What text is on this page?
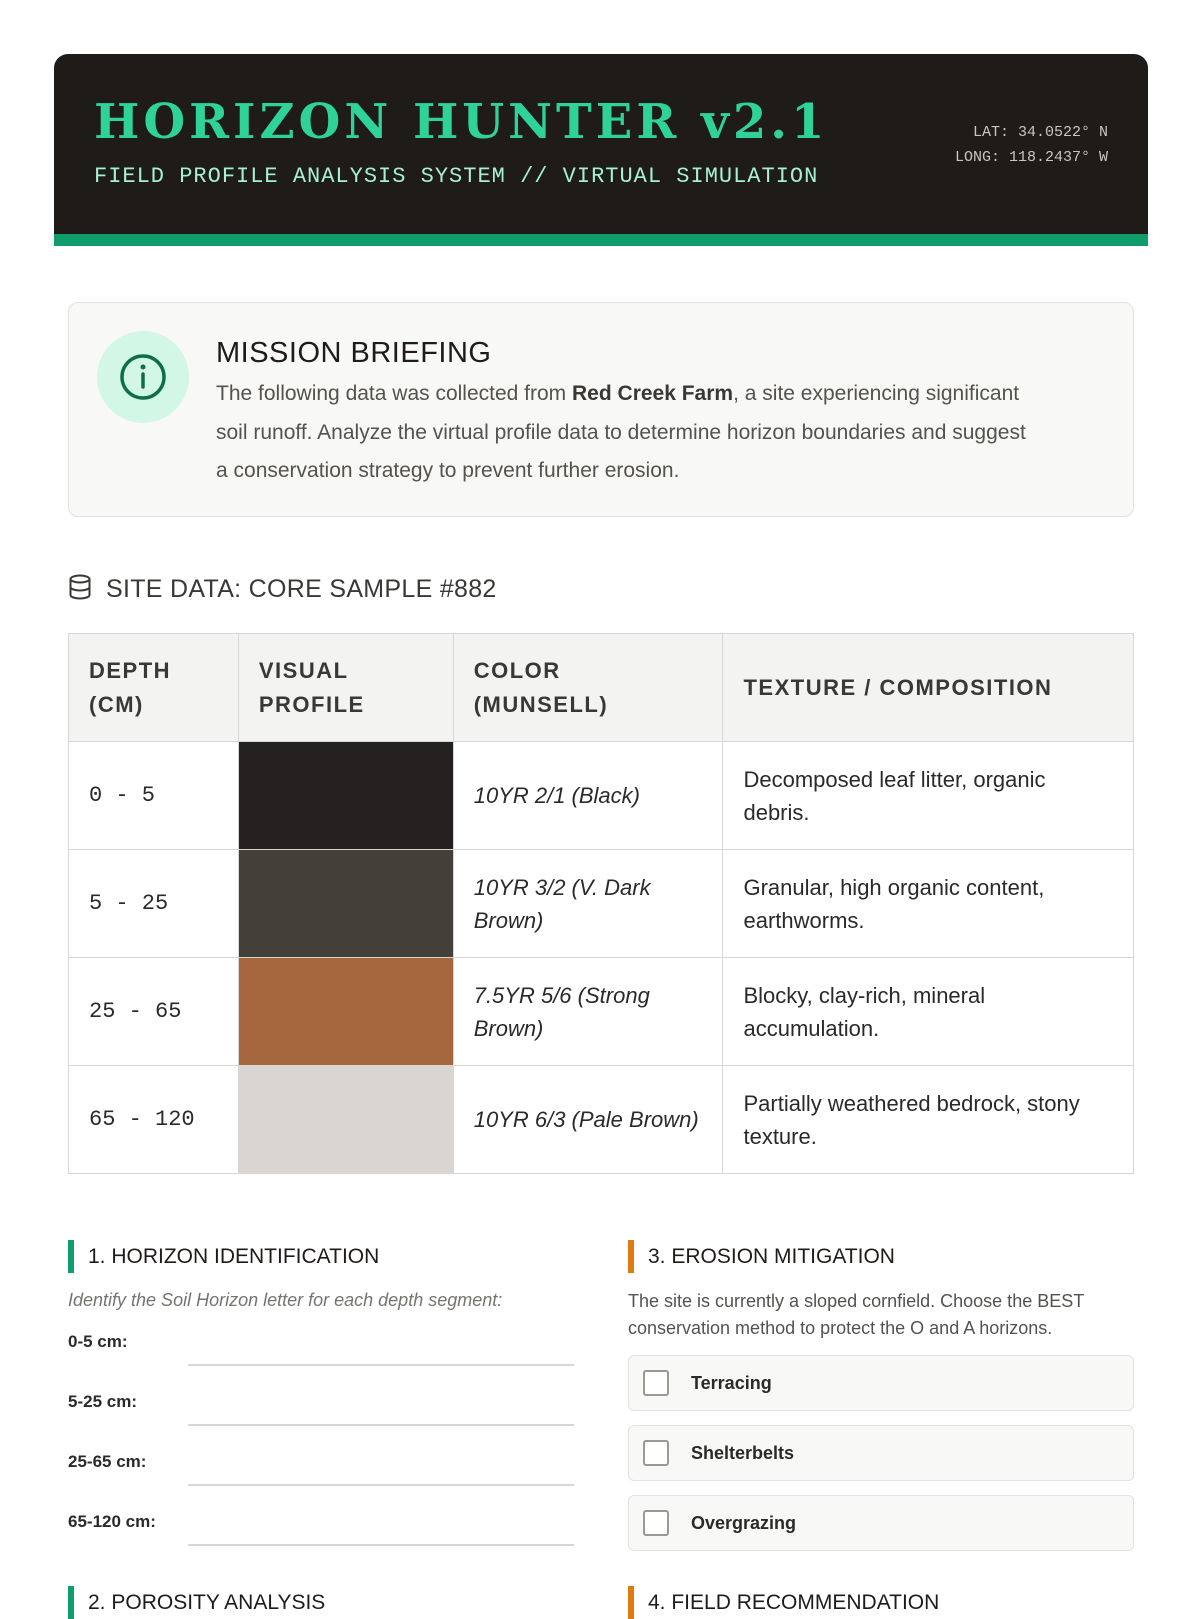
HORIZON HUNTER v2.1
FIELD PROFILE ANALYSIS SYSTEM // VIRTUAL SIMULATION
LAT: 34.0522° N
LONG: 118.2437° W
MISSION BRIEFING

The following data was collected from Red Creek Farm, a site experiencing significant soil runoff. Analyze the virtual profile data to determine horizon boundaries and suggest a conservation strategy to prevent further erosion.

SITE DATA: CORE SAMPLE #882
DEPTH (CM)	VISUAL PROFILE	COLOR (MUNSELL)	TEXTURE / COMPOSITION
0 - 5		10YR 2/1 (Black)	Decomposed leaf litter, organic debris.
5 - 25		10YR 3/2 (V. Dark Brown)	Granular, high organic content, earthworms.
25 - 65		7.5YR 5/6 (Strong Brown)	Blocky, clay-rich, mineral accumulation.
65 - 120		10YR 6/3 (Pale Brown)	Partially weathered bedrock, stony texture.
1. HORIZON IDENTIFICATION
Identify the Soil Horizon letter for each depth segment:
0-5 cm:
5-25 cm:
25-65 cm:
65-120 cm:
2. POROSITY ANALYSIS
3. EROSION MITIGATION

The site is currently a sloped cornfield. Choose the BEST conservation method to protect the O and A horizons.

Terracing
Shelterbelts
Overgrazing
4. FIELD RECOMMENDATION
